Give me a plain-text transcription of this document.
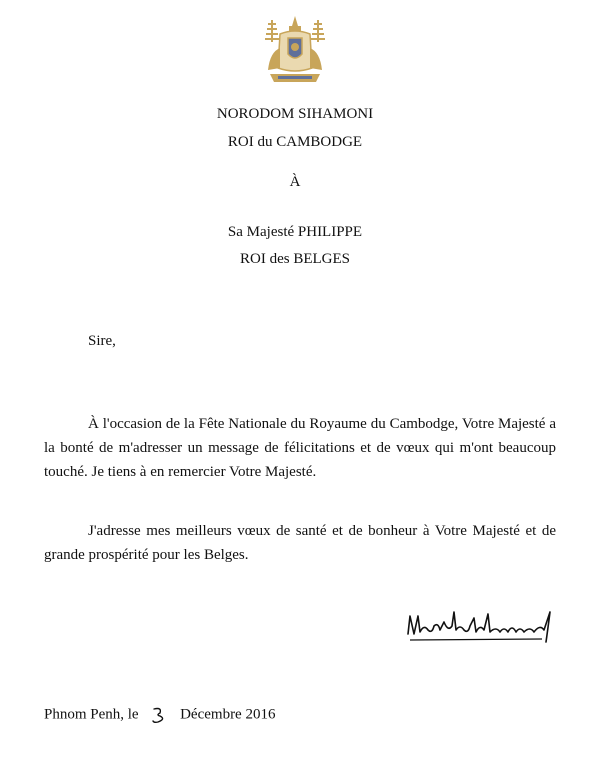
NORODOM SIHAMONI
ROI du CAMBODGE
À
Sa Majesté PHILIPPE
ROI des BELGES
Sire,

À l'occasion de la Fête Nationale du Royaume du Cambodge, Votre Majesté a la bonté de m'adresser un message de félicitations et de vœux qui m'ont beaucoup touché. Je tiens à en remercier Votre Majesté.

J'adresse mes meilleurs vœux de santé et de bonheur à Votre Majesté et de grande prospérité pour les Belges.

Phnom Penh, le	Décembre 2016
